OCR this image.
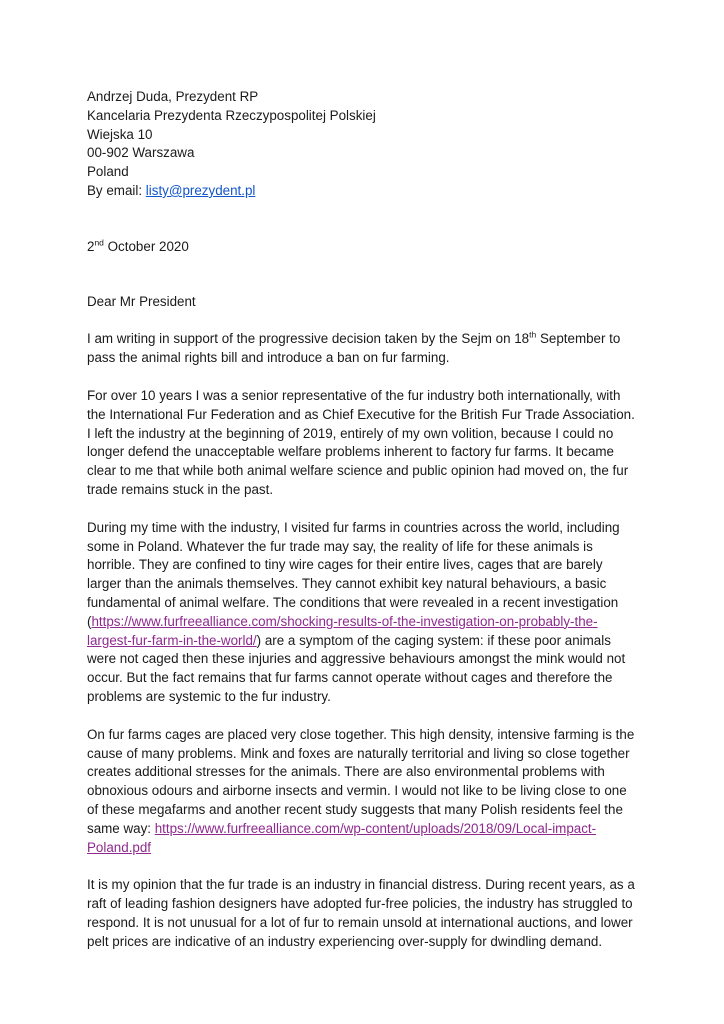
Andrzej Duda, Prezydent RP
Kancelaria Prezydenta Rzeczypospolitej Polskiej
Wiejska 10
00-902 Warszawa
Poland
By email: listy@prezydent.pl
2nd October 2020
Dear Mr President

I am writing in support of the progressive decision taken by the Sejm on 18th September to pass the animal rights bill and introduce a ban on fur farming.

For over 10 years I was a senior representative of the fur industry both internationally, with the International Fur Federation and as Chief Executive for the British Fur Trade Association. I left the industry at the beginning of 2019, entirely of my own volition, because I could no longer defend the unacceptable welfare problems inherent to factory fur farms. It became clear to me that while both animal welfare science and public opinion had moved on, the fur trade remains stuck in the past.

During my time with the industry, I visited fur farms in countries across the world, including some in Poland. Whatever the fur trade may say, the reality of life for these animals is horrible. They are confined to tiny wire cages for their entire lives, cages that are barely larger than the animals themselves. They cannot exhibit key natural behaviours, a basic fundamental of animal welfare. The conditions that were revealed in a recent investigation (https://www.furfreealliance.com/shocking-results-of-the-investigation-on-probably-the-largest-fur-farm-in-the-world/) are a symptom of the caging system: if these poor animals were not caged then these injuries and aggressive behaviours amongst the mink would not occur. But the fact remains that fur farms cannot operate without cages and therefore the problems are systemic to the fur industry.

On fur farms cages are placed very close together. This high density, intensive farming is the cause of many problems. Mink and foxes are naturally territorial and living so close together creates additional stresses for the animals. There are also environmental problems with obnoxious odours and airborne insects and vermin. I would not like to be living close to one of these megafarms and another recent study suggests that many Polish residents feel the same way: https://www.furfreealliance.com/wp-content/uploads/2018/09/Local-impact-Poland.pdf

It is my opinion that the fur trade is an industry in financial distress. During recent years, as a raft of leading fashion designers have adopted fur-free policies, the industry has struggled to respond. It is not unusual for a lot of fur to remain unsold at international auctions, and lower pelt prices are indicative of an industry experiencing over-supply for dwindling demand.
